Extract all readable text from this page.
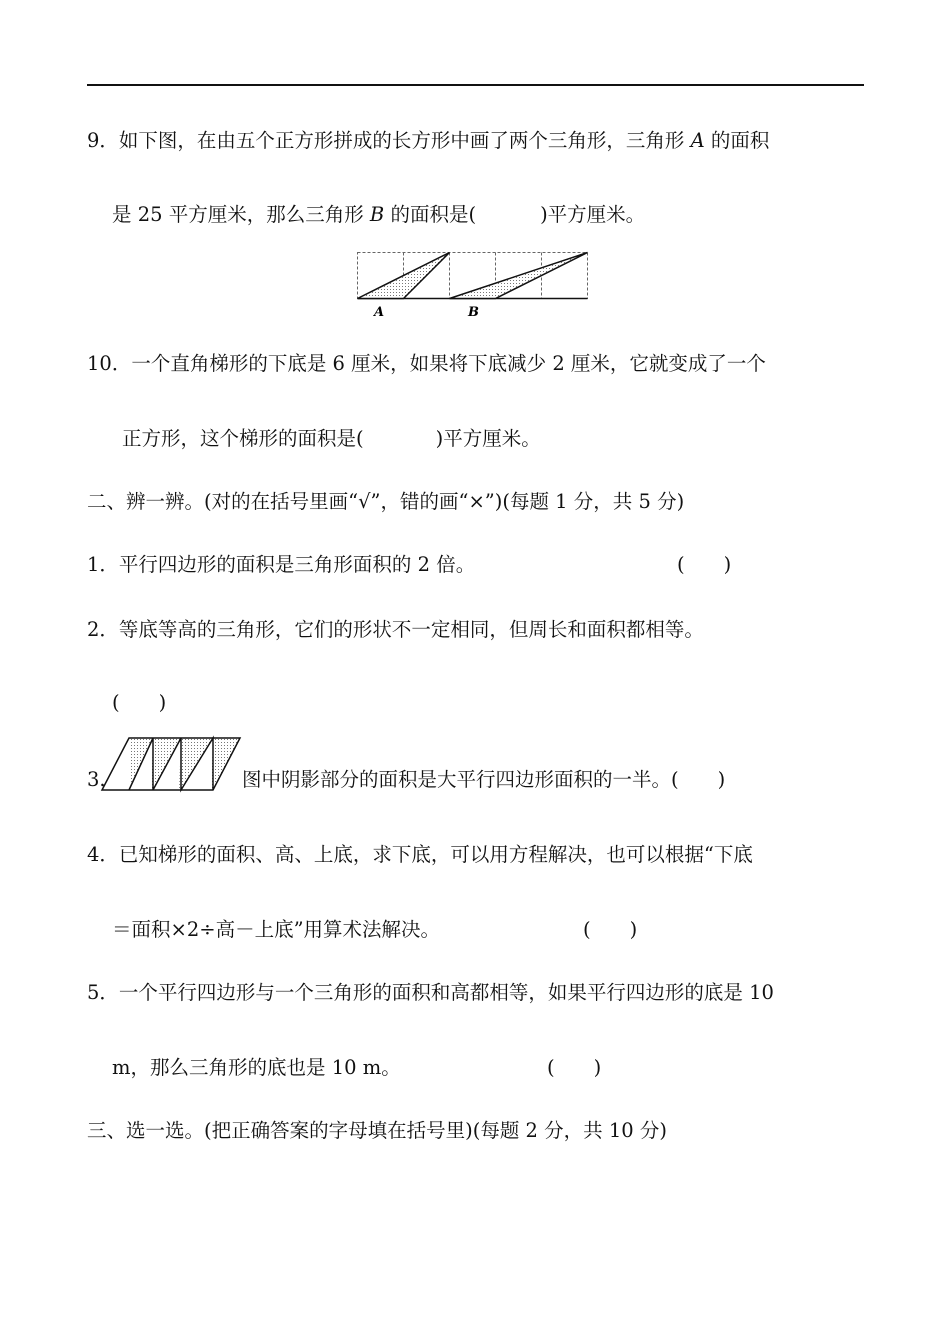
9．如下图，在由五个正方形拼成的长方形中画了两个三角形，三角形 A 的面积
是 25 平方厘米，那么三角形 B 的面积是(	)平方厘米。
A	B
10．一个直角梯形的下底是 6 厘米，如果将下底减少 2 厘米，它就变成了一个
正方形，这个梯形的面积是(	)平方厘米。
二、辨一辨。(对的在括号里画“√”，错的画“×”)(每题 1 分，共 5 分)
1．平行四边形的面积是三角形面积的 2 倍。	(　　)
2．等底等高的三角形，它们的形状不一定相同，但周长和面积都相等。
(　　)
3.	图中阴影部分的面积是大平行四边形面积的一半。(　　)
4．已知梯形的面积、高、上底，求下底，可以用方程解决，也可以根据“下底
＝面积×2÷高－上底”用算术法解决。	(　　)
5．一个平行四边形与一个三角形的面积和高都相等，如果平行四边形的底是 10
m，那么三角形的底也是 10 m。	(　　)
三、选一选。(把正确答案的字母填在括号里)(每题 2 分，共 10 分)
